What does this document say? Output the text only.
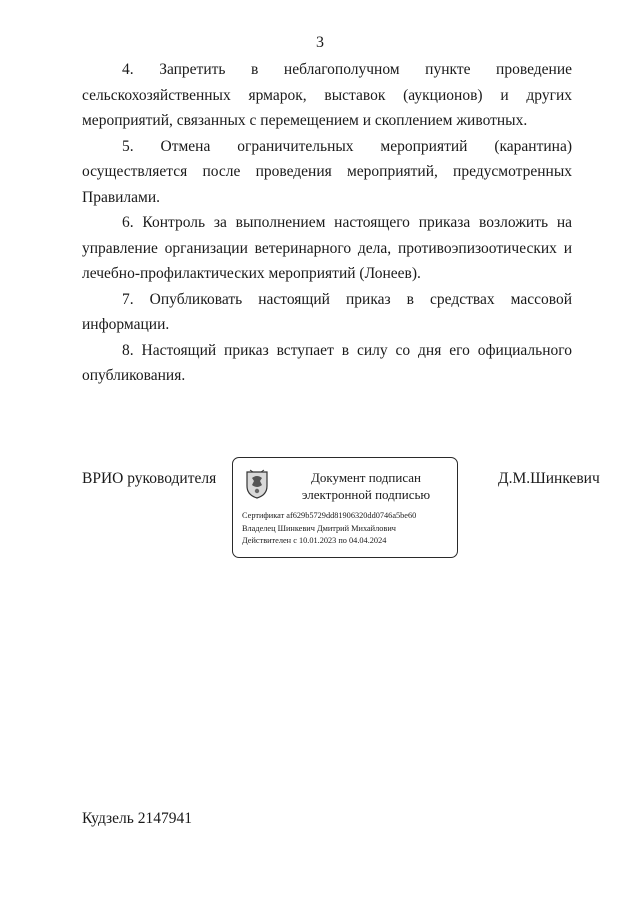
3

4. Запретить в неблагополучном пункте проведение сельскохозяйственных ярмарок, выставок (аукционов) и других мероприятий, связанных с перемещением и скоплением животных.

5. Отмена ограничительных мероприятий (карантина) осуществляется после проведения мероприятий, предусмотренных Правилами.

6. Контроль за выполнением настоящего приказа возложить на управление организации ветеринарного дела, противоэпизоотических и лечебно-профилактических мероприятий (Лонеев).

7. Опубликовать настоящий приказ в средствах массовой информации.

8. Настоящий приказ вступает в силу со дня его официального опубликования.

ВРИО руководителя	Документ подписан
электронной подписью
Сертификат af629b5729dd81906320dd0746a5be60
Владелец Шинкевич Дмитрий Михайлович
Действителен с 10.01.2023 по 04.04.2024
Д.М.Шинкевич
Кудзель 2147941
